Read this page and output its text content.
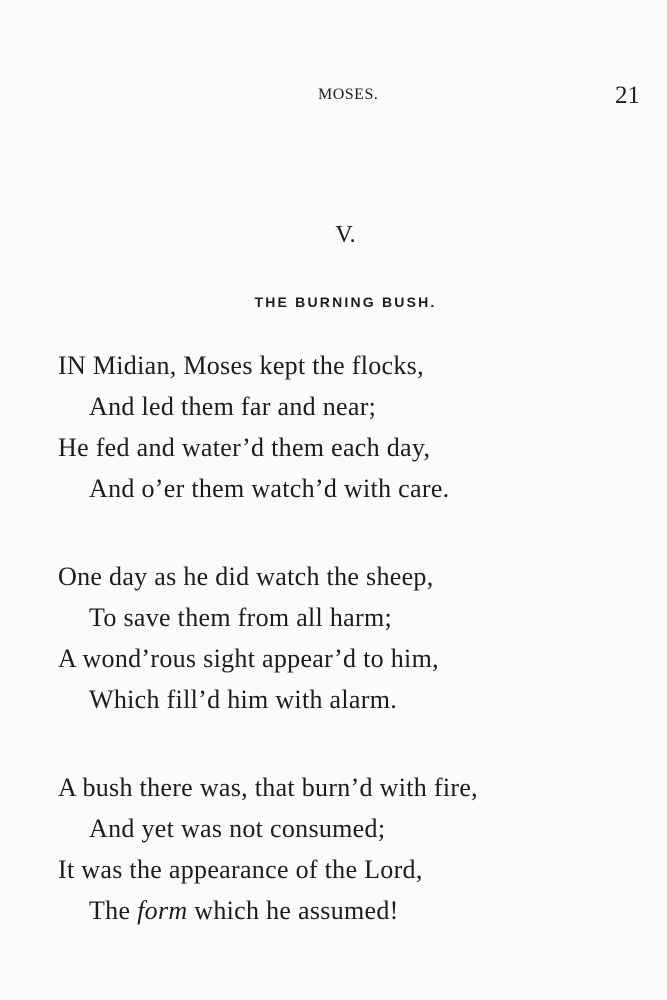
MOSES.	21
V.
THE BURNING BUSH.
IN Midian, Moses kept the flocks,
And led them far and near;
He fed and water’d them each day,
And o’er them watch’d with care.
One day as he did watch the sheep,
To save them from all harm;
A wond’rous sight appear’d to him,
Which fill’d him with alarm.
A bush there was, that burn’d with fire,
And yet was not consumed;
It was the appearance of the Lord,
The form which he assumed!
